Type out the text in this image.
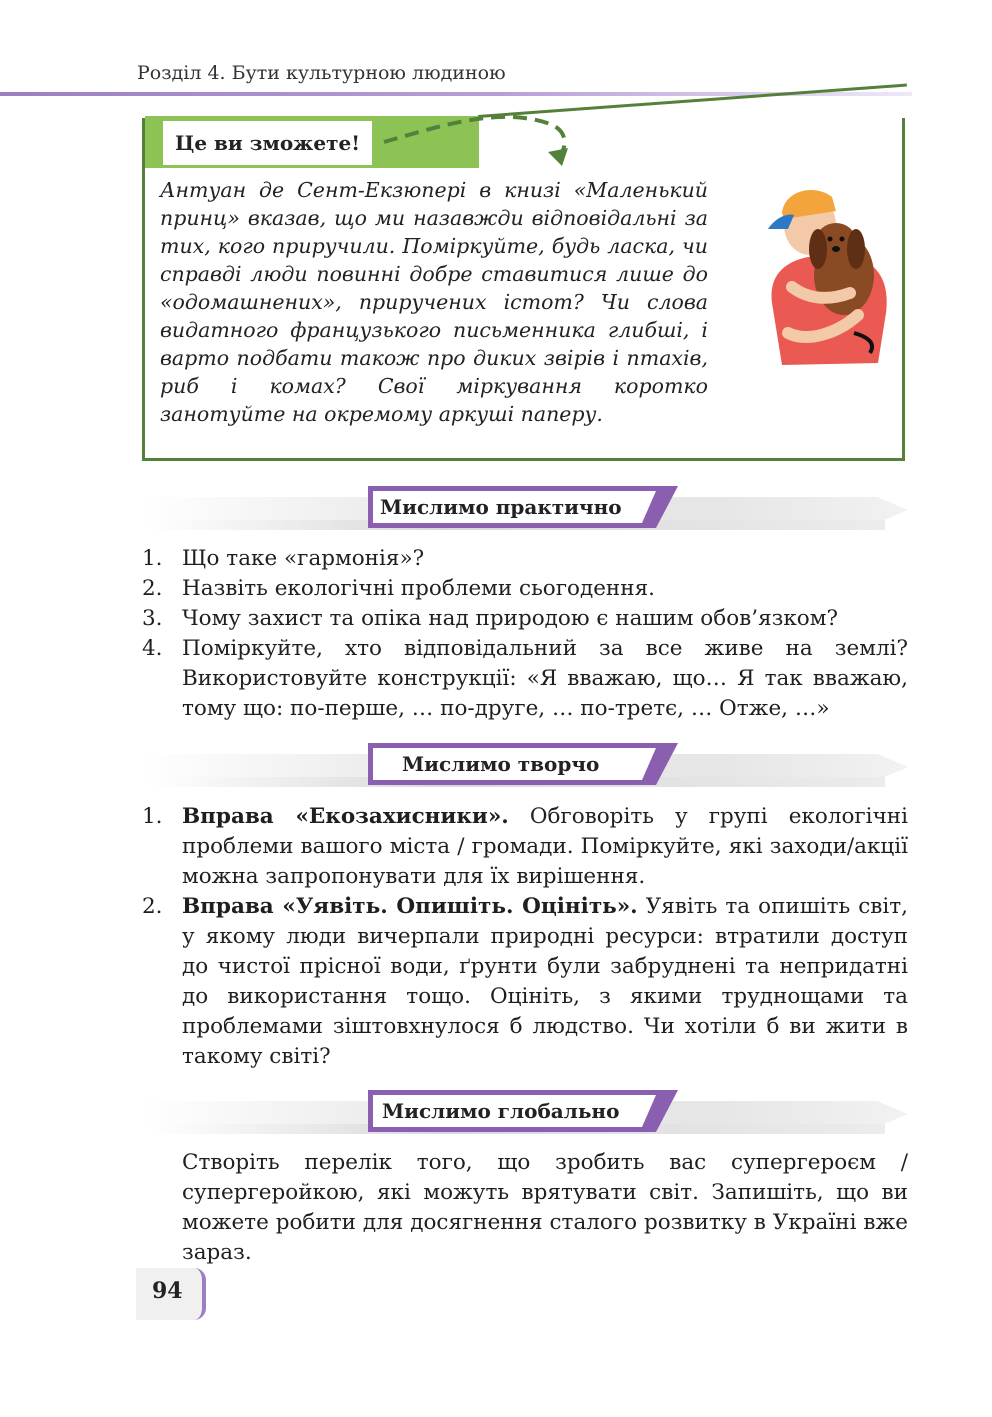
Розділ 4. Бути культурною людиною
Це ви зможете!

Антуан де Сент-Екзюпері в книзі «Маленький принц» вказав, що ми назавжди відповідальні за тих, кого приручили. Поміркуйте, будь ласка, чи справді люди повинні добре ставитися лише до «одомашнених», приручених істот? Чи слова видатного французького письменника глибші, і варто подбати також про диких звірів і птахів, риб і комах? Свої міркування коротко занотуйте на окремому аркуші паперу.

Мислимо практично
1. Що таке «гармонія»?
2. Назвіть екологічні проблеми сьогодення.
3. Чому захист та опіка над природою є нашим обов’язком?
4. Поміркуйте, хто відповідальний за все живе на землі? Використовуйте конструкції: «Я вважаю, що… Я так вважаю, тому що: по-перше, … по-друге, … по-третє, … Отже, …»
Мислимо творчо
1. Вправа «Екозахисники». Обговоріть у групі екологічні проблеми вашого міста / громади. Поміркуйте, які заходи/акції можна запропонувати для їх вирішення.
2. Вправа «Уявіть. Опишіть. Оцініть». Уявіть та опишіть світ, у якому люди вичерпали природні ресурси: втратили доступ до чистої прісної води, ґрунти були забруднені та непридатні до використання тощо. Оцініть, з якими труднощами та проблемами зіштовхнулося б людство. Чи хотіли б ви жити в такому світі?
Мислимо глобально

Створіть перелік того, що зробить вас супергероєм / супергеройкою, які можуть врятувати світ. Запишіть, що ви можете робити для досягнення сталого розвитку в Україні вже зараз.

94
